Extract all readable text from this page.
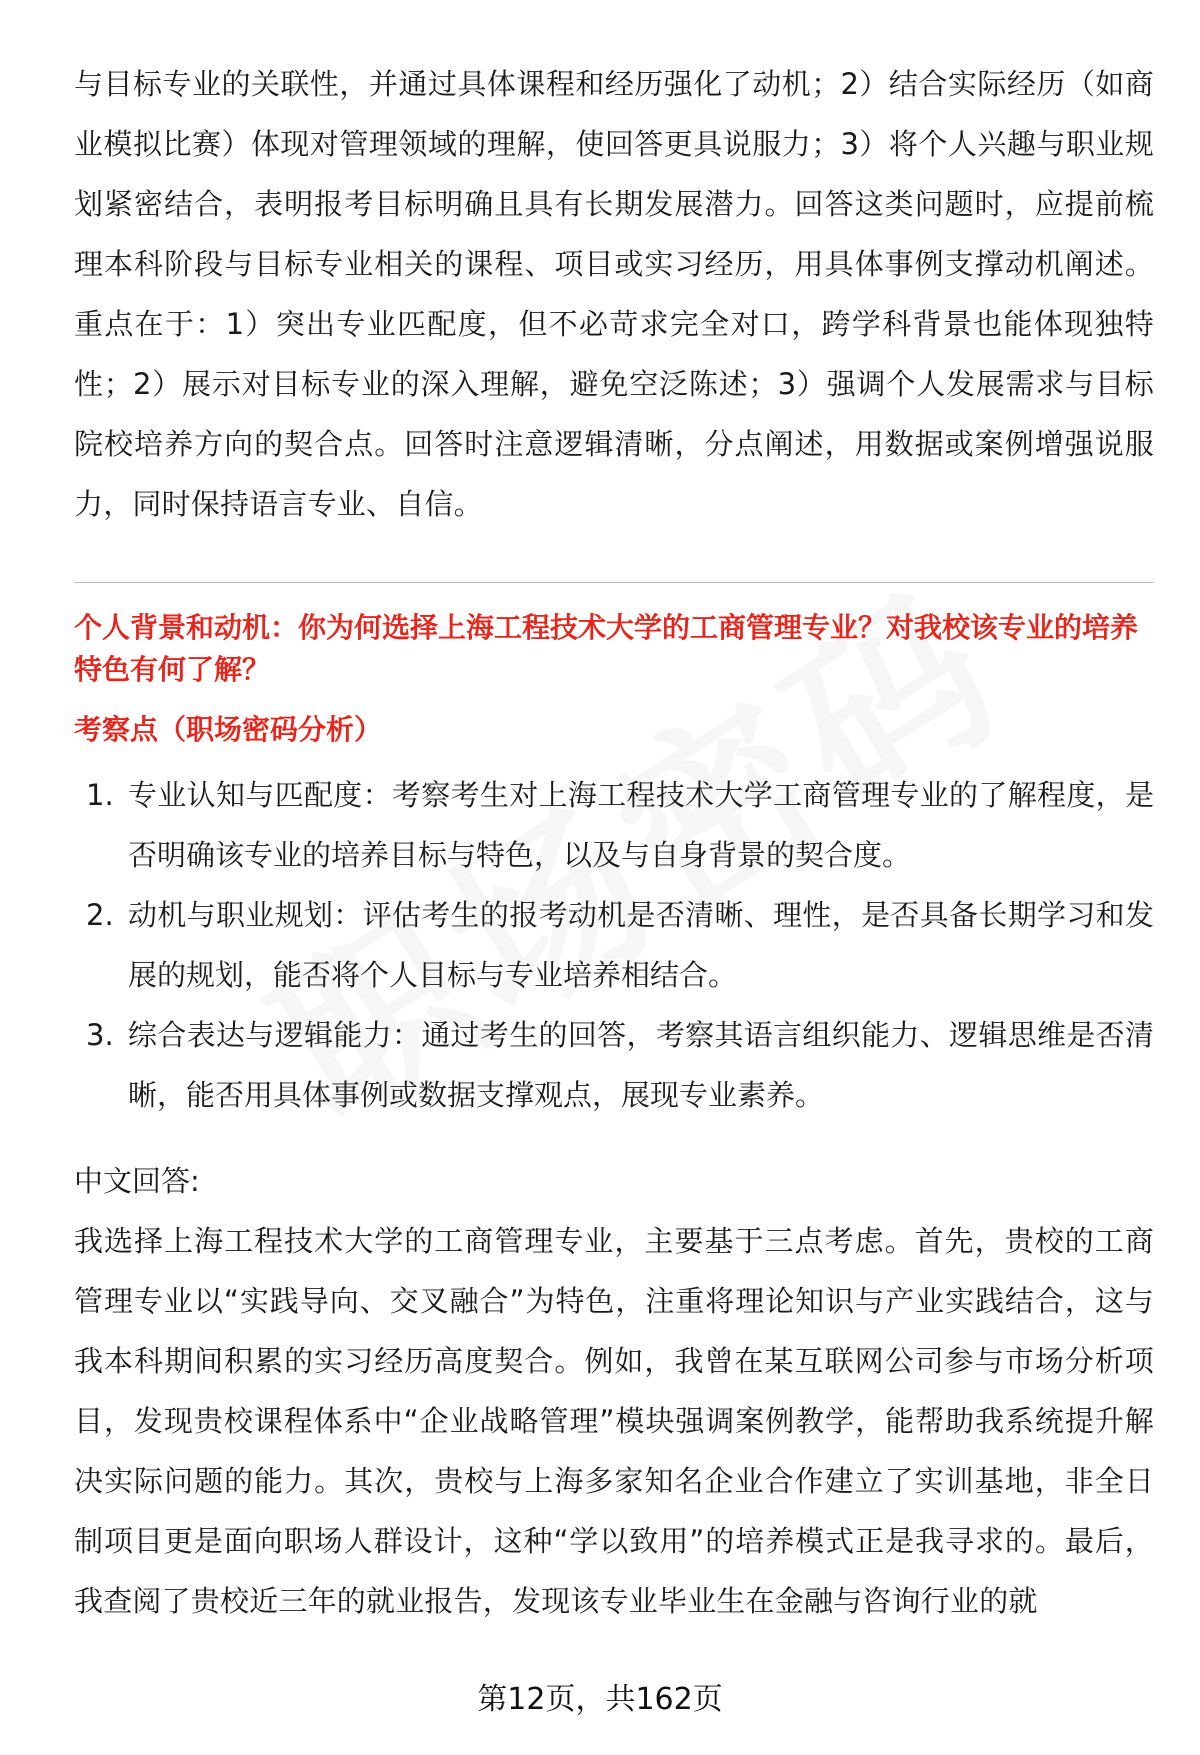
与目标专业的关联性，并通过具体课程和经历强化了动机；2）结合实际经历（如商业模拟比赛）体现对管理领域的理解，使回答更具说服力；3）将个人兴趣与职业规划紧密结合，表明报考目标明确且具有长期发展潜力。回答这类问题时，应提前梳理本科阶段与目标专业相关的课程、项目或实习经历，用具体事例支撑动机阐述。重点在于：1）突出专业匹配度，但不必苛求完全对口，跨学科背景也能体现独特性；2）展示对目标专业的深入理解，避免空泛陈述；3）强调个人发展需求与目标院校培养方向的契合点。回答时注意逻辑清晰，分点阐述，用数据或案例增强说服力，同时保持语言专业、自信。

个人背景和动机：你为何选择上海工程技术大学的工商管理专业？对我校该专业的培养特色有何了解？

考察点（职场密码分析）

1. 专业认知与匹配度：考察考生对上海工程技术大学工商管理专业的了解程度，是否明确该专业的培养目标与特色，以及与自身背景的契合度。
2. 动机与职业规划：评估考生的报考动机是否清晰、理性，是否具备长期学习和发展的规划，能否将个人目标与专业培养相结合。
3. 综合表达与逻辑能力：通过考生的回答，考察其语言组织能力、逻辑思维是否清晰，能否用具体事例或数据支撑观点，展现专业素养。

中文回答:

我选择上海工程技术大学的工商管理专业，主要基于三点考虑。首先，贵校的工商管理专业以“实践导向、交叉融合”为特色，注重将理论知识与产业实践结合，这与我本科期间积累的实习经历高度契合。例如，我曾在某互联网公司参与市场分析项目，发现贵校课程体系中“企业战略管理”模块强调案例教学，能帮助我系统提升解决实际问题的能力。其次，贵校与上海多家知名企业合作建立了实训基地，非全日制项目更是面向职场人群设计，这种“学以致用”的培养模式正是我寻求的。最后，我查阅了贵校近三年的就业报告，发现该专业毕业生在金融与咨询行业的就

第12页，共162页
